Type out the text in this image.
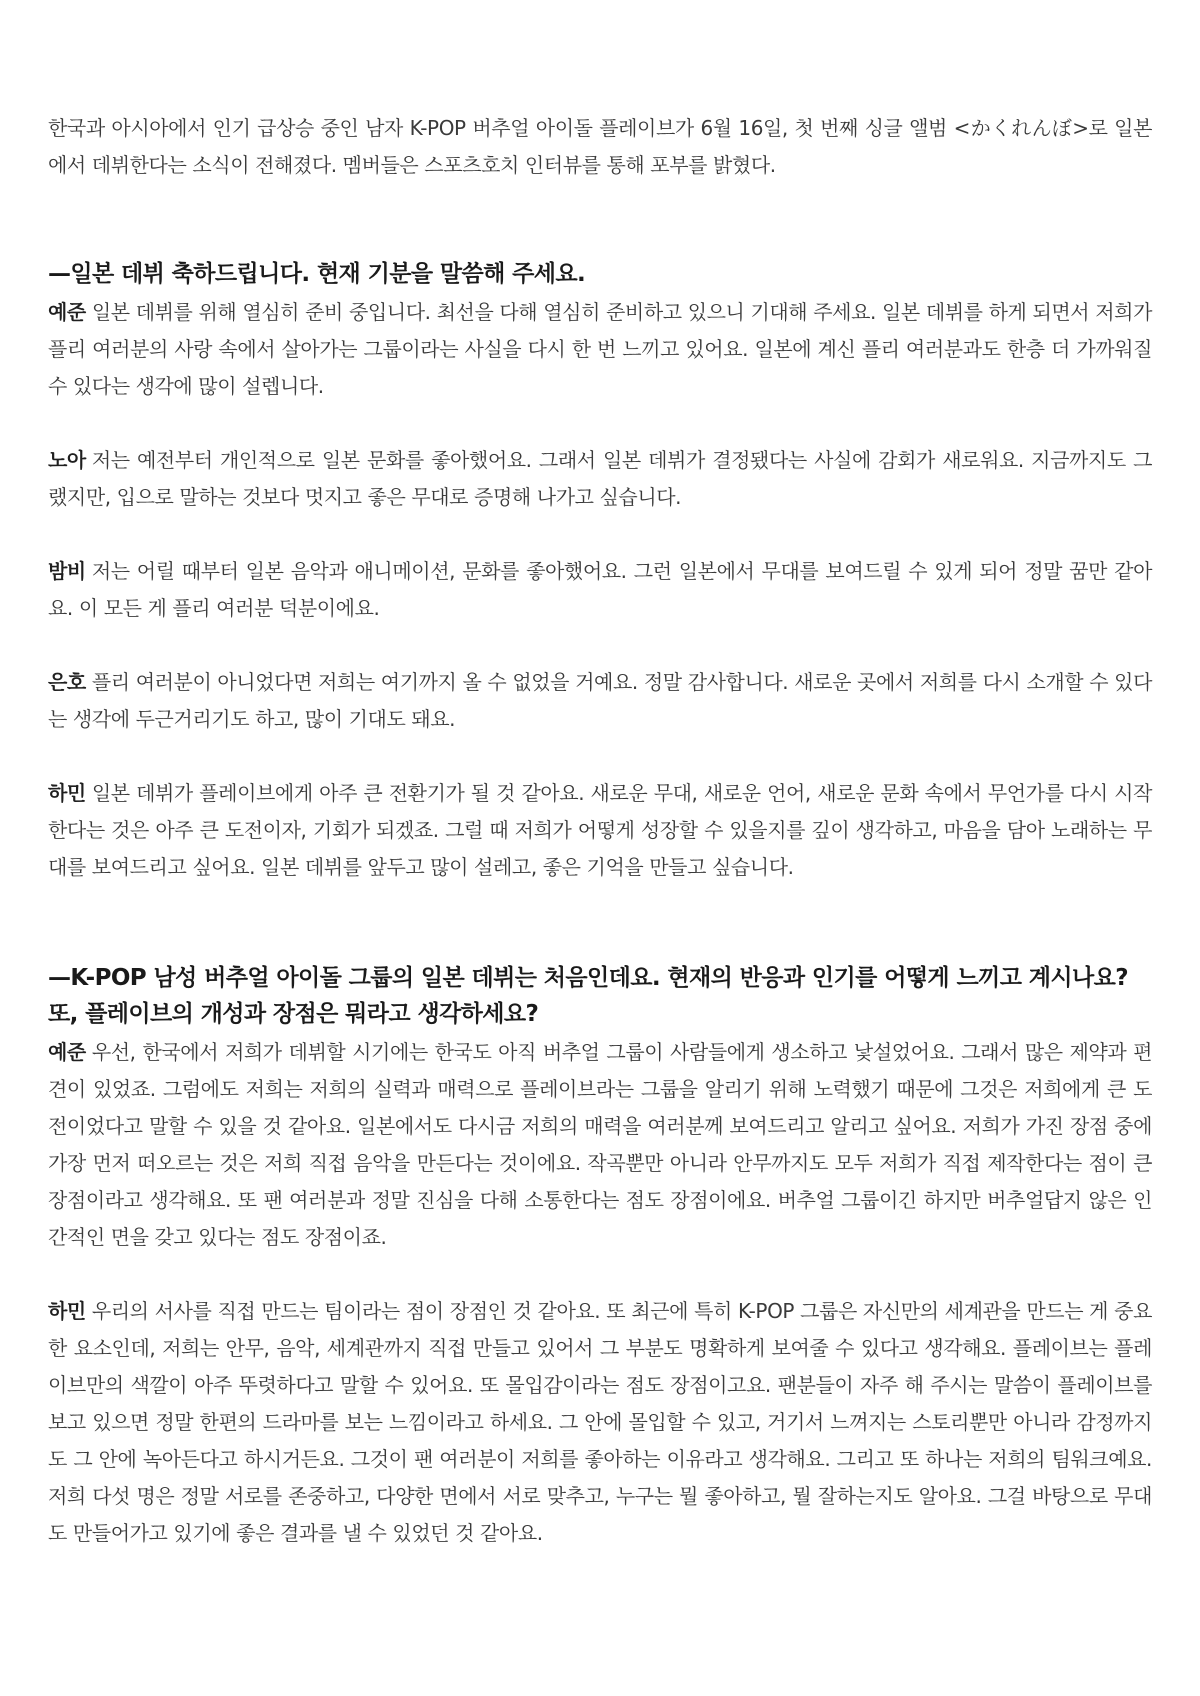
한국과 아시아에서 인기 급상승 중인 남자 K-POP 버추얼 아이돌 플레이브가 6월 16일, 첫 번째 싱글 앨범 <かくれんぼ>로 일본에서 데뷔한다는 소식이 전해졌다. 멤버들은 스포츠호치 인터뷰를 통해 포부를 밝혔다.

—일본 데뷔 축하드립니다. 현재 기분을 말씀해 주세요.

예준 일본 데뷔를 위해 열심히 준비 중입니다. 최선을 다해 열심히 준비하고 있으니 기대해 주세요. 일본 데뷔를 하게 되면서 저희가 플리 여러분의 사랑 속에서 살아가는 그룹이라는 사실을 다시 한 번 느끼고 있어요. 일본에 계신 플리 여러분과도 한층 더 가까워질 수 있다는 생각에 많이 설렙니다.

노아 저는 예전부터 개인적으로 일본 문화를 좋아했어요. 그래서 일본 데뷔가 결정됐다는 사실에 감회가 새로워요. 지금까지도 그랬지만, 입으로 말하는 것보다 멋지고 좋은 무대로 증명해 나가고 싶습니다.

밤비 저는 어릴 때부터 일본 음악과 애니메이션, 문화를 좋아했어요. 그런 일본에서 무대를 보여드릴 수 있게 되어 정말 꿈만 같아요. 이 모든 게 플리 여러분 덕분이에요.

은호 플리 여러분이 아니었다면 저희는 여기까지 올 수 없었을 거예요. 정말 감사합니다. 새로운 곳에서 저희를 다시 소개할 수 있다는 생각에 두근거리기도 하고, 많이 기대도 돼요.

하민 일본 데뷔가 플레이브에게 아주 큰 전환기가 될 것 같아요. 새로운 무대, 새로운 언어, 새로운 문화 속에서 무언가를 다시 시작한다는 것은 아주 큰 도전이자, 기회가 되겠죠. 그럴 때 저희가 어떻게 성장할 수 있을지를 깊이 생각하고, 마음을 담아 노래하는 무대를 보여드리고 싶어요. 일본 데뷔를 앞두고 많이 설레고, 좋은 기억을 만들고 싶습니다.

—K-POP 남성 버추얼 아이돌 그룹의 일본 데뷔는 처음인데요. 현재의 반응과 인기를 어떻게 느끼고 계시나요? 또, 플레이브의 개성과 장점은 뭐라고 생각하세요?

예준 우선, 한국에서 저희가 데뷔할 시기에는 한국도 아직 버추얼 그룹이 사람들에게 생소하고 낯설었어요. 그래서 많은 제약과 편견이 있었죠. 그럼에도 저희는 저희의 실력과 매력으로 플레이브라는 그룹을 알리기 위해 노력했기 때문에 그것은 저희에게 큰 도전이었다고 말할 수 있을 것 같아요. 일본에서도 다시금 저희의 매력을 여러분께 보여드리고 알리고 싶어요. 저희가 가진 장점 중에 가장 먼저 떠오르는 것은 저희 직접 음악을 만든다는 것이에요. 작곡뿐만 아니라 안무까지도 모두 저희가 직접 제작한다는 점이 큰 장점이라고 생각해요. 또 팬 여러분과 정말 진심을 다해 소통한다는 점도 장점이에요. 버추얼 그룹이긴 하지만 버추얼답지 않은 인간적인 면을 갖고 있다는 점도 장점이죠.

하민 우리의 서사를 직접 만드는 팀이라는 점이 장점인 것 같아요. 또 최근에 특히 K-POP 그룹은 자신만의 세계관을 만드는 게 중요한 요소인데, 저희는 안무, 음악, 세계관까지 직접 만들고 있어서 그 부분도 명확하게 보여줄 수 있다고 생각해요. 플레이브는 플레이브만의 색깔이 아주 뚜렷하다고 말할 수 있어요. 또 몰입감이라는 점도 장점이고요. 팬분들이 자주 해 주시는 말씀이 플레이브를 보고 있으면 정말 한편의 드라마를 보는 느낌이라고 하세요. 그 안에 몰입할 수 있고, 거기서 느껴지는 스토리뿐만 아니라 감정까지도 그 안에 녹아든다고 하시거든요. 그것이 팬 여러분이 저희를 좋아하는 이유라고 생각해요. 그리고 또 하나는 저희의 팀워크예요. 저희 다섯 명은 정말 서로를 존중하고, 다양한 면에서 서로 맞추고, 누구는 뭘 좋아하고, 뭘 잘하는지도 알아요. 그걸 바탕으로 무대도 만들어가고 있기에 좋은 결과를 낼 수 있었던 것 같아요.
